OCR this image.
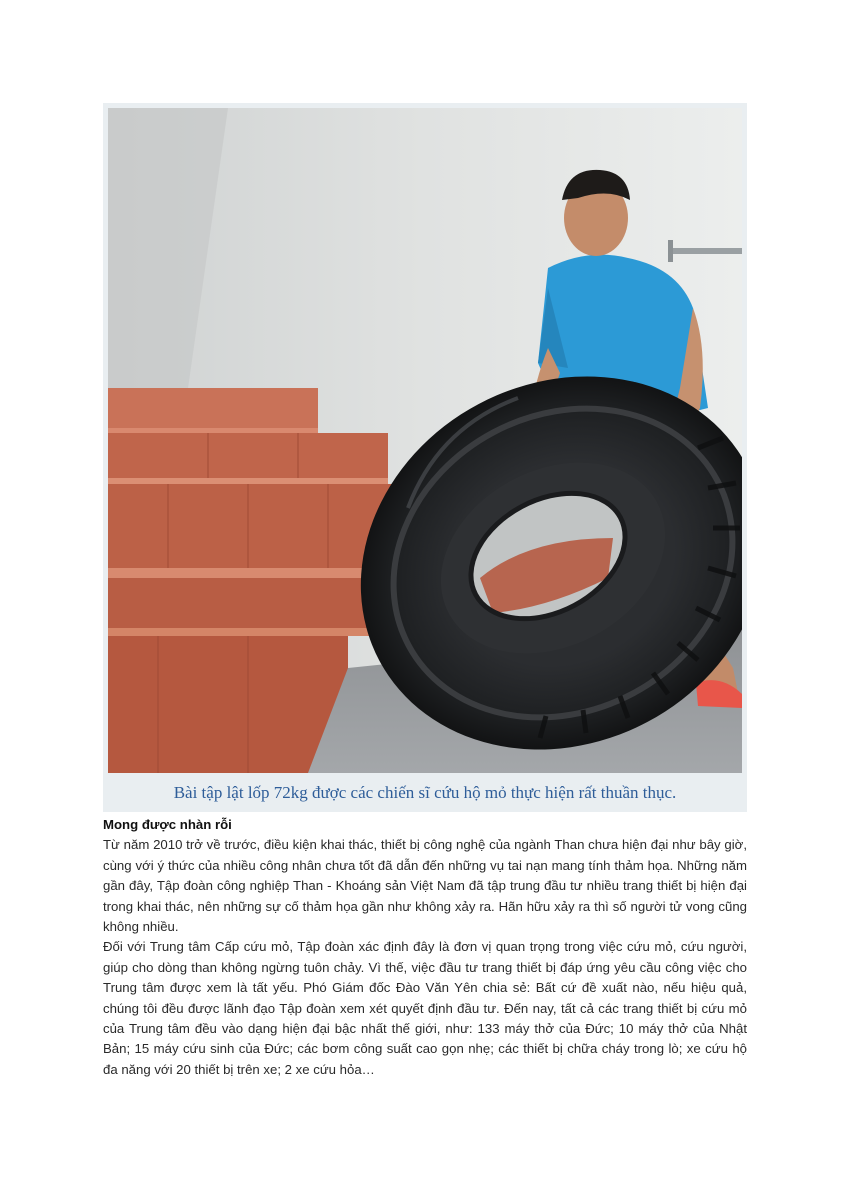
Bài tập lật lốp 72kg được các chiến sĩ cứu hộ mỏ thực hiện rất thuần thục.

Mong được nhàn rỗi

Từ năm 2010 trở về trước, điều kiện khai thác, thiết bị công nghệ của ngành Than chưa hiện đại như bây giờ, cùng với ý thức của nhiều công nhân chưa tốt đã dẫn đến những vụ tai nạn mang tính thảm họa. Những năm gần đây, Tập đoàn công nghiệp Than - Khoáng sản Việt Nam đã tập trung đầu tư nhiều trang thiết bị hiện đại trong khai thác, nên những sự cố thảm họa gần như không xảy ra. Hãn hữu xảy ra thì số người tử vong cũng không nhiều.

Đối với Trung tâm Cấp cứu mỏ, Tập đoàn xác định đây là đơn vị quan trọng trong việc cứu mỏ, cứu người, giúp cho dòng than không ngừng tuôn chảy. Vì thế, việc đầu tư trang thiết bị đáp ứng yêu cầu công việc cho Trung tâm được xem là tất yếu. Phó Giám đốc Đào Văn Yên chia sẻ: Bất cứ đề xuất nào, nếu hiệu quả, chúng tôi đều được lãnh đạo Tập đoàn xem xét quyết định đầu tư. Đến nay, tất cả các trang thiết bị cứu mỏ của Trung tâm đều vào dạng hiện đại bậc nhất thế giới, như: 133 máy thở của Đức; 10 máy thở của Nhật Bản; 15 máy cứu sinh của Đức; các bơm công suất cao gọn nhẹ; các thiết bị chữa cháy trong lò; xe cứu hộ đa năng với 20 thiết bị trên xe; 2 xe cứu hỏa…
